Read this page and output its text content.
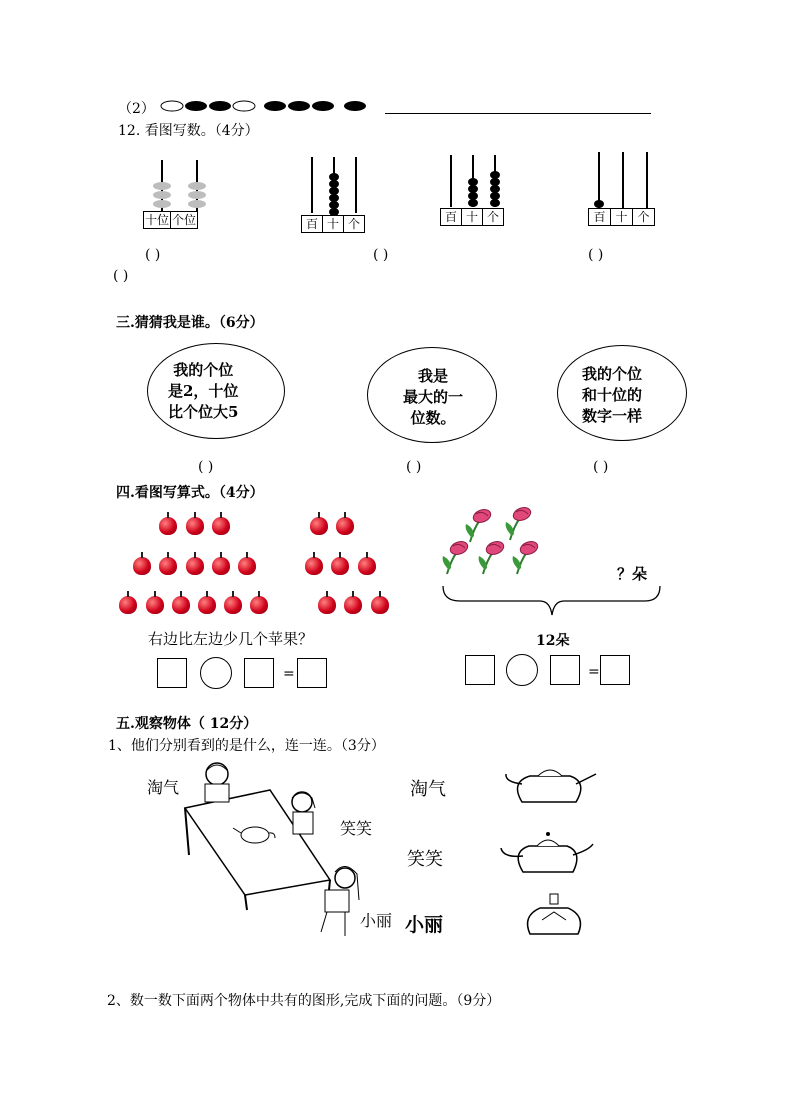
（2）
12. 看图写数。（4分）
十位 个位	百 十 个	百 十 个	百 十 个
( )	( )	( )
( )
三.猜猜我是谁。（6分）
我的个位
是2，十位
比个位大5
我是
最大的一
位数。
我的个位
和十位的
数字一样
( )	( )	( )
四.看图写算式。（4分）
右边比左边少几个苹果？
=
？朵
12朵
=
五.观察物体（ 12分）
1、他们分别看到的是什么，连一连。（3分）
淘气
笑笑
小丽
淘气
笑笑
小丽
2、数一数下面两个物体中共有的图形,完成下面的问题。（9分）
